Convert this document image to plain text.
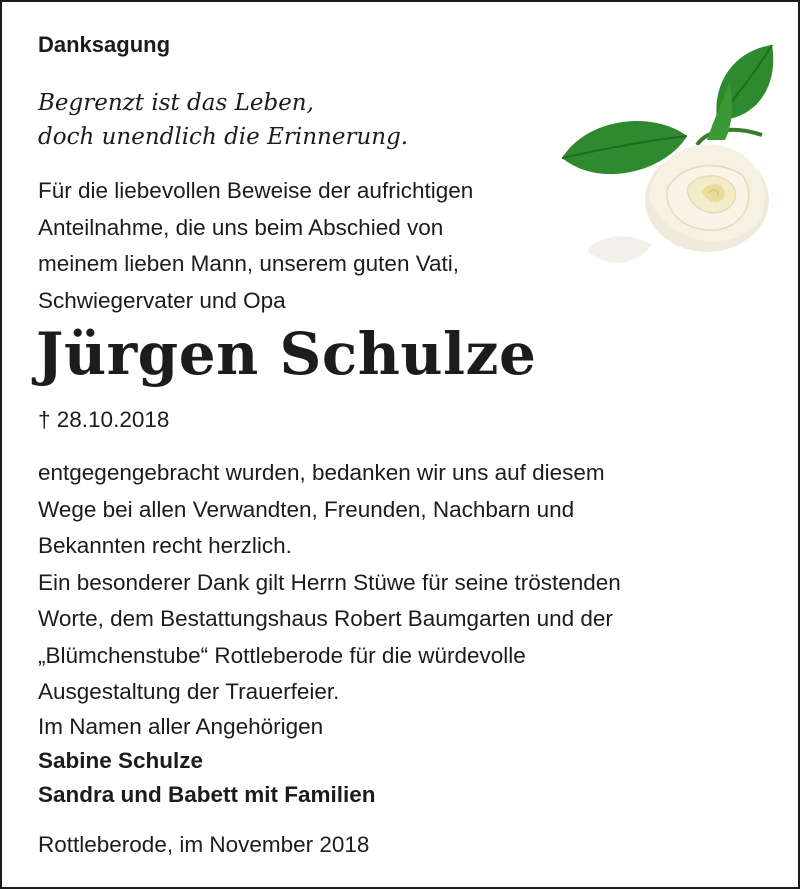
Danksagung

Begrenzt ist das Leben,
doch unendlich die Erinnerung.

Für die liebevollen Beweise der aufrichtigen
Anteilnahme, die uns beim Abschied von
meinem lieben Mann, unserem guten Vati,
Schwiegervater und Opa

Jürgen Schulze

† 28.10.2018

entgegengebracht wurden, bedanken wir uns auf diesem
Wege bei allen Verwandten, Freunden, Nachbarn und
Bekannten recht herzlich.
Ein besonderer Dank gilt Herrn Stüwe für seine tröstenden
Worte, dem Bestattungshaus Robert Baumgarten und der
„Blümchenstube“ Rottleberode für die würdevolle
Ausgestaltung der Trauerfeier.

Im Namen aller Angehörigen
Sabine Schulze
Sandra und Babett mit Familien

Rottleberode, im November 2018
